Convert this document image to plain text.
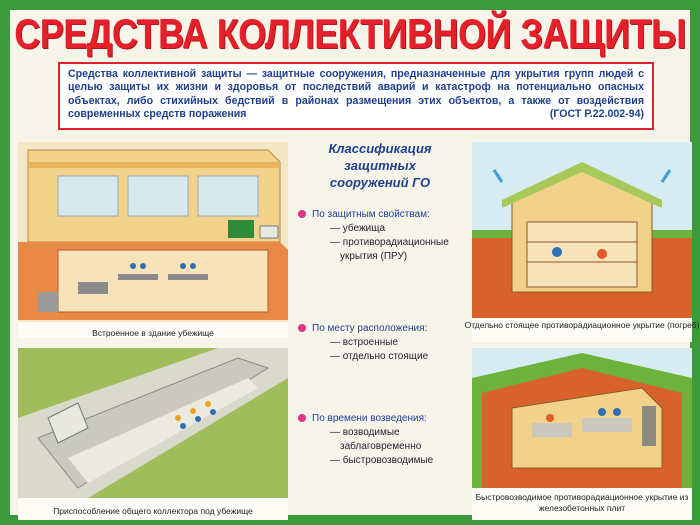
СРЕДСТВА КОЛЛЕКТИВНОЙ ЗАЩИТЫ
Средства коллективной защиты — защитные сооружения, предназначенные для укрытия групп людей с целью защиты их жизни и здоровья от последствий аварий и катастроф на потенциально опасных объектах, либо стихийных бедствий в районах размещения этих объектов, а также от воздействия современных средств поражения	(ГОСТ Р.22.002-94)
Встроенное в здание убежище
Приспособление общего коллектора под убежище
Отдельно стоящее противорадиационное укрытие (погреб)
Быстровозводимое противорадиационное укрытие из железобетонных плит
Классификация
защитных
сооружений ГО
По защитным свойствам:
— убежища
— противорадиационные укрытия (ПРУ)
По месту расположения:
— встроенные
— отдельно стоящие
По времени возведения:
— возводимые заблаговременно
— быстровозводимые
